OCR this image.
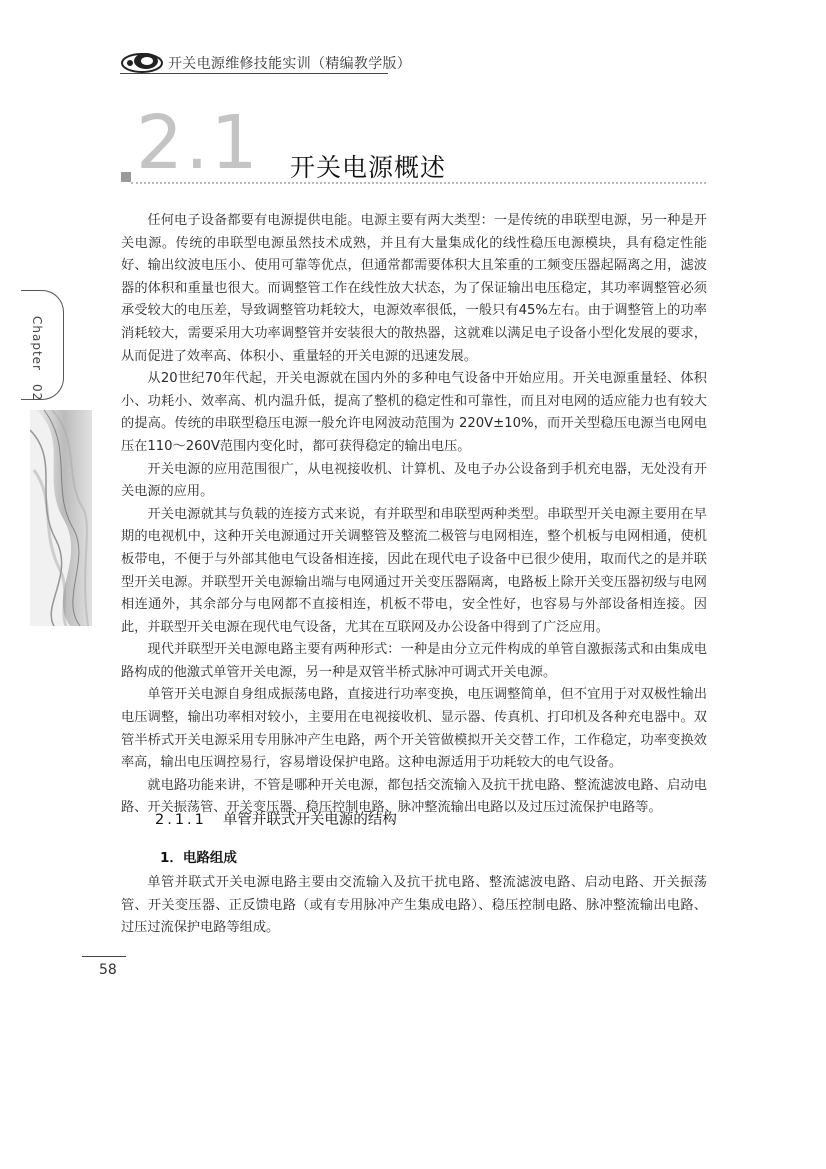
开关电源维修技能实训（精编教学版）
2.1 开关电源概述
Chapter　02

任何电子设备都要有电源提供电能。电源主要有两大类型：一是传统的串联型电源，另一种是开关电源。传统的串联型电源虽然技术成熟，并且有大量集成化的线性稳压电源模块，具有稳定性能好、输出纹波电压小、使用可靠等优点，但通常都需要体积大且笨重的工频变压器起隔离之用，滤波器的体积和重量也很大。而调整管工作在线性放大状态，为了保证输出电压稳定，其功率调整管必须承受较大的电压差，导致调整管功耗较大，电源效率很低，一般只有45%左右。由于调整管上的功率消耗较大，需要采用大功率调整管并安装很大的散热器，这就难以满足电子设备小型化发展的要求，从而促进了效率高、体积小、重量轻的开关电源的迅速发展。

从20世纪70年代起，开关电源就在国内外的多种电气设备中开始应用。开关电源重量轻、体积小、功耗小、效率高、机内温升低，提高了整机的稳定性和可靠性，而且对电网的适应能力也有较大的提高。传统的串联型稳压电源一般允许电网波动范围为 220V±10%，而开关型稳压电源当电网电压在110～260V范围内变化时，都可获得稳定的输出电压。

开关电源的应用范围很广，从电视接收机、计算机、及电子办公设备到手机充电器，无处没有开关电源的应用。

开关电源就其与负载的连接方式来说，有并联型和串联型两种类型。串联型开关电源主要用在早期的电视机中，这种开关电源通过开关调整管及整流二极管与电网相连，整个机板与电网相通，使机板带电，不便于与外部其他电气设备相连接，因此在现代电子设备中已很少使用，取而代之的是并联型开关电源。并联型开关电源输出端与电网通过开关变压器隔离，电路板上除开关变压器初级与电网相连通外，其余部分与电网都不直接相连，机板不带电，安全性好，也容易与外部设备相连接。因此，并联型开关电源在现代电气设备，尤其在互联网及办公设备中得到了广泛应用。

现代并联型开关电源电路主要有两种形式：一种是由分立元件构成的单管自激振荡式和由集成电路构成的他激式单管开关电源，另一种是双管半桥式脉冲可调式开关电源。

单管开关电源自身组成振荡电路，直接进行功率变换，电压调整简单，但不宜用于对双极性输出电压调整，输出功率相对较小，主要用在电视接收机、显示器、传真机、打印机及各种充电器中。双管半桥式开关电源采用专用脉冲产生电路，两个开关管做模拟开关交替工作，工作稳定，功率变换效率高，输出电压调控易行，容易增设保护电路。这种电源适用于功耗较大的电气设备。

就电路功能来讲，不管是哪种开关电源，都包括交流输入及抗干扰电路、整流滤波电路、启动电路、开关振荡管、开关变压器、稳压控制电路、脉冲整流输出电路以及过压过流保护电路等。

2.1.1 单管并联式开关电源的结构
1．电路组成

单管并联式开关电源电路主要由交流输入及抗干扰电路、整流滤波电路、启动电路、开关振荡管、开关变压器、正反馈电路（或有专用脉冲产生集成电路）、稳压控制电路、脉冲整流输出电路、过压过流保护电路等组成。

58
